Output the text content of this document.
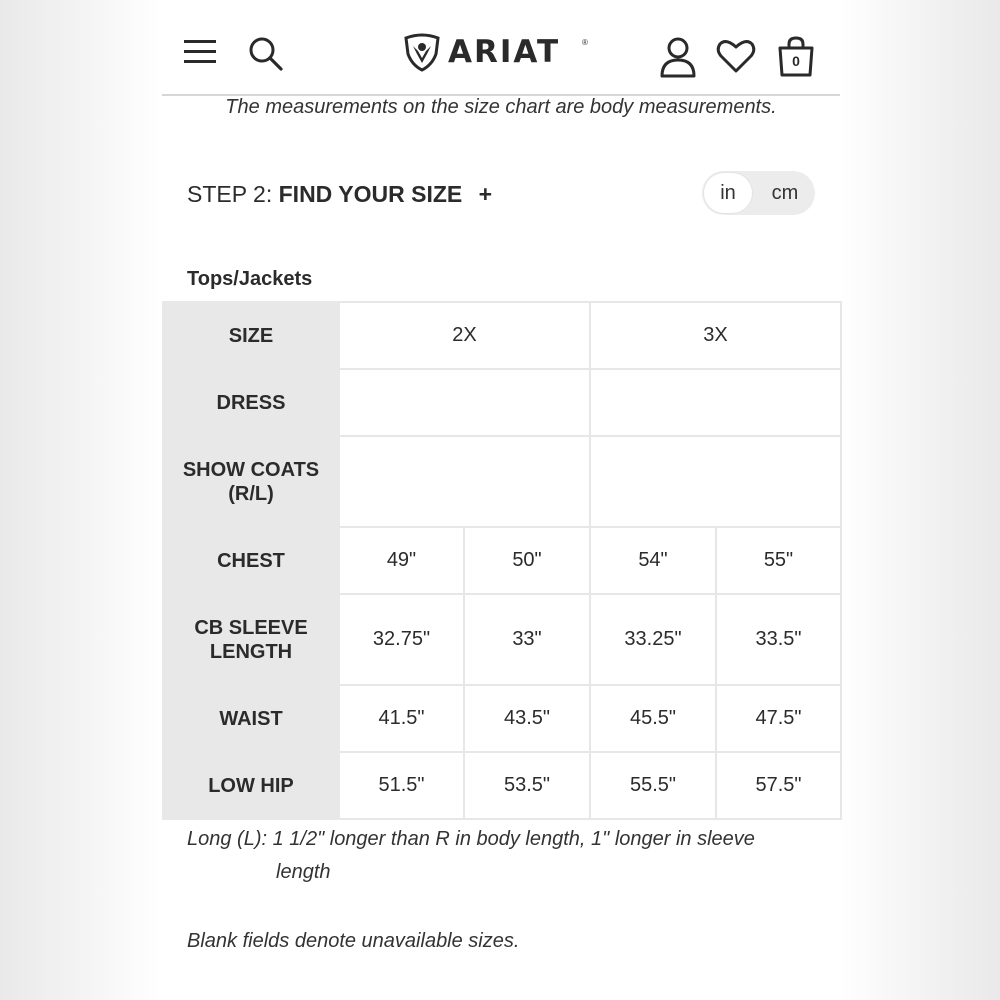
ARIAT	®
0
The measurements on the size chart are body measurements.
STEP 2: FIND YOUR SIZE +	in	cm
Tops/Jackets
SIZE	2X		3X	
DRESS				
SHOW COATS
(R/L)				
CHEST	49"	50"	54"	55"
CB SLEEVE
LENGTH	32.75"	33"	33.25"	33.5"
WAIST	41.5"	43.5"	45.5"	47.5"
LOW HIP	51.5"	53.5"	55.5"	57.5"
Long (L): 1 1/2" longer than R in body length, 1" longer in sleeve
length
Blank fields denote unavailable sizes.
